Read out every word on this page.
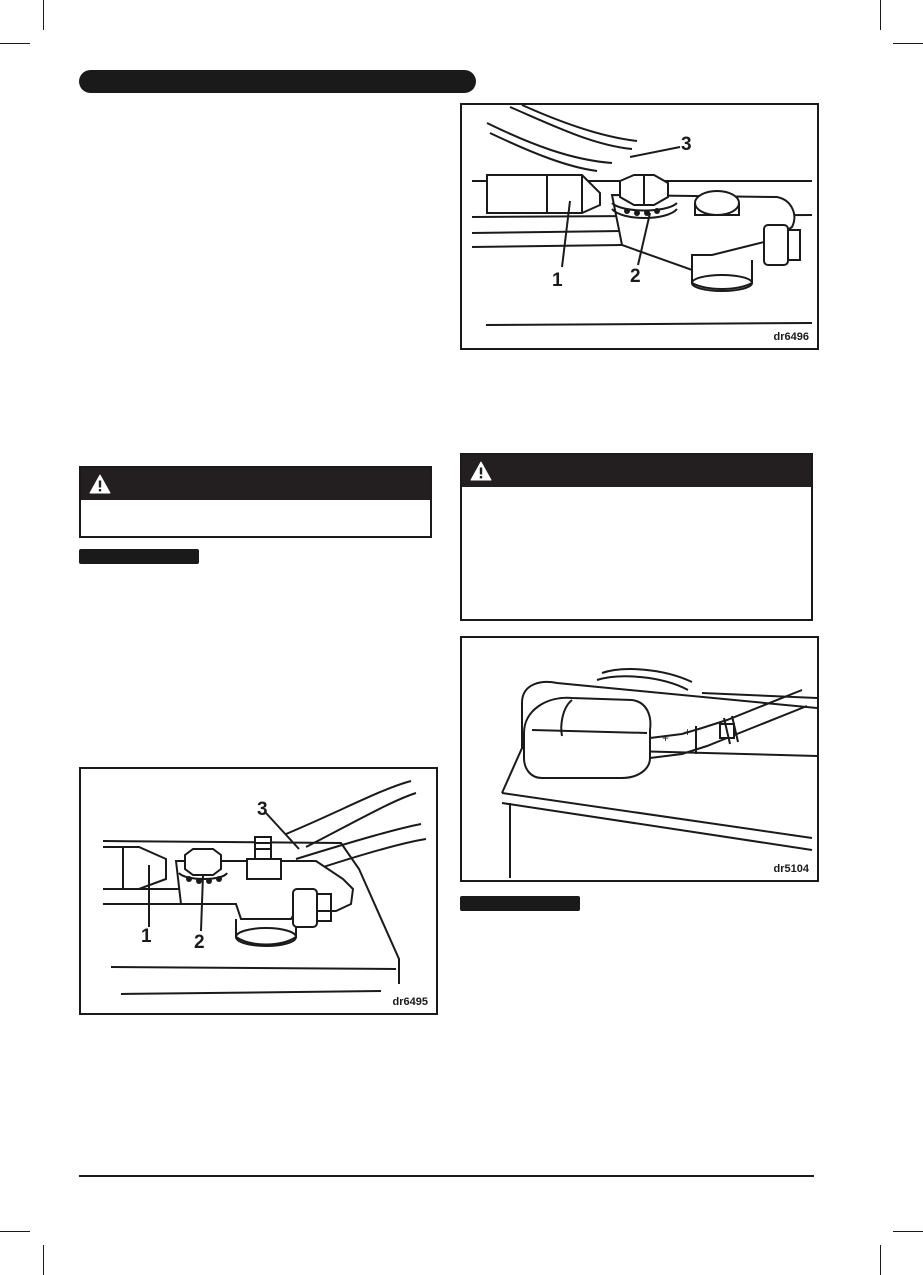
1	2
3
dr6496
+ +
dr5104
1 2
3
dr6495
